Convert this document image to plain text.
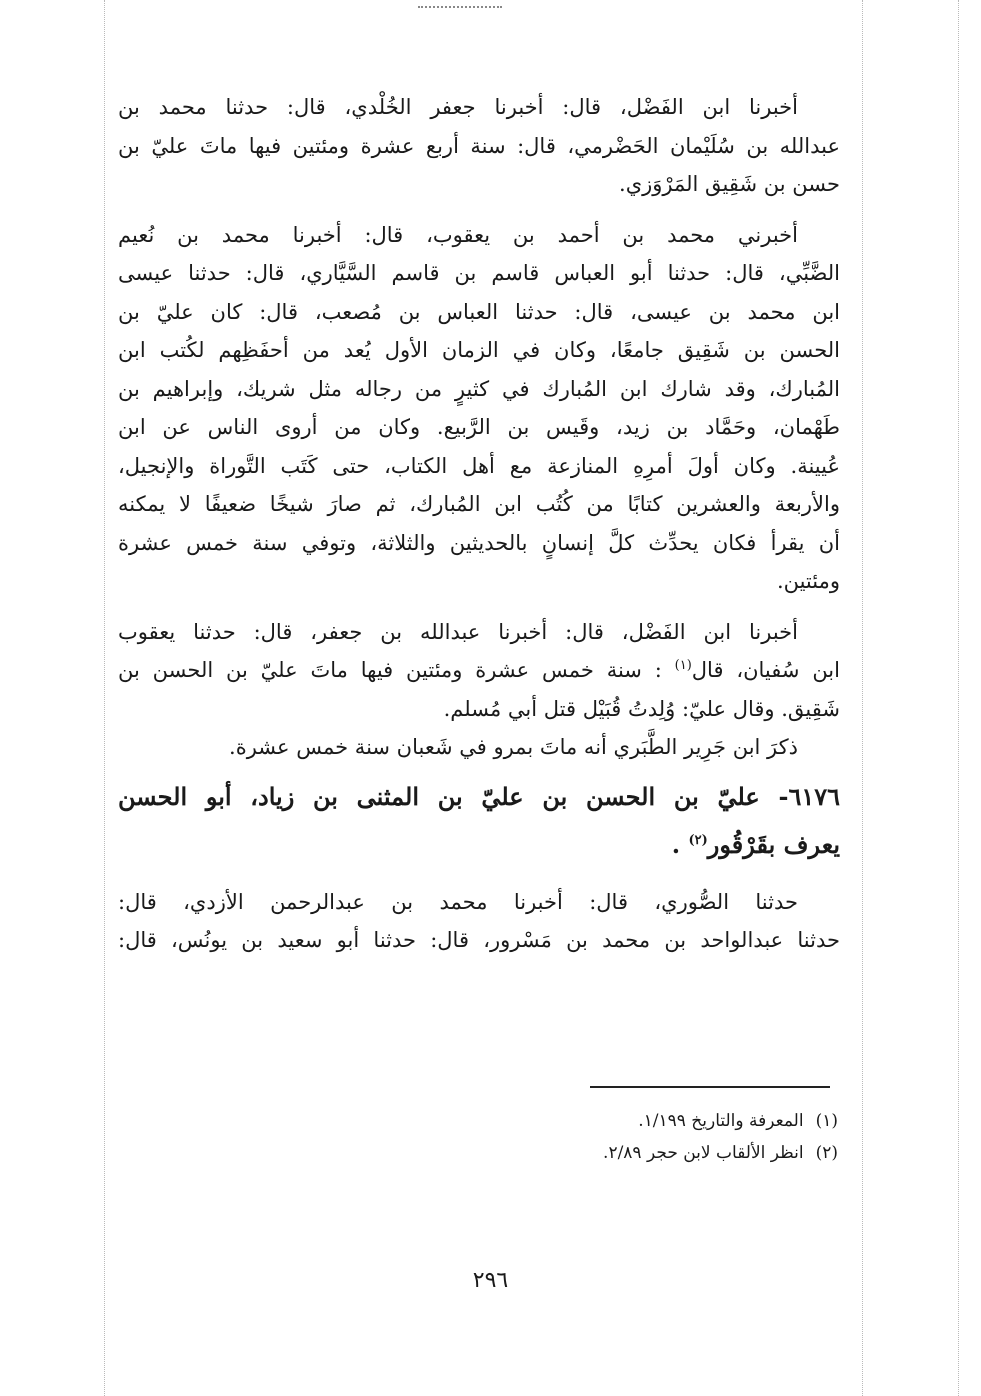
أخبرنا ابن الفَضْل، قال: أخبرنا جعفر الخُلْدي، قال: حدثنا محمد بن
عبدالله بن سُلَيْمان الحَضْرمي، قال: سنة أربع عشرة ومئتين فيها ماتَ عليّ بن
حسن بن شَقِيق المَرْوَزي.
أخبرني محمد بن أحمد بن يعقوب، قال: أخبرنا محمد بن نُعيم
الضَّبِّي، قال: حدثنا أبو العباس قاسم بن قاسم السَّيَّاري، قال: حدثنا عيسى
ابن محمد بن عيسى، قال: حدثنا العباس بن مُصعب، قال: كان عليّ بن
الحسن بن شَقِيق جامعًا، وكان في الزمان الأول يُعد من أحفَظِهم لكُتب ابن
المُبارك، وقد شارك ابن المُبارك في كثيرٍ من رجاله مثل شريك، وإبراهيم بن
طَهْمان، وحَمَّاد بن زيد، وقَيس بن الرَّبيع. وكان من أروى الناس عن ابن
عُيينة. وكان أولَ أمرِهِ المنازعة مع أهل الكتاب، حتى كَتَب التَّوراة والإنجيل،
والأربعة والعشرين كتابًا من كُتُب ابن المُبارك، ثم صارَ شيخًا ضعيفًا لا يمكنه
أن يقرأ فكان يحدِّث كلَّ إنسانٍ بالحديثين والثلاثة، وتوفي سنة خمس عشرة
ومئتين.
أخبرنا ابن الفَضْل، قال: أخبرنا عبدالله بن جعفر، قال: حدثنا يعقوب
ابن سُفيان، قال$^{(١)}$ : سنة خمس عشرة ومئتين فيها ماتَ عليّ بن الحسن بن
شَقِيق. وقال عليّ: وُلِدتُ قُبَيْل قتل أبي مُسلم.
ذكرَ ابن جَرِير الطَّبَري أنه ماتَ بمرو في شَعبان سنة خمس عشرة.
٦١٧٦- عليّ بن الحسن بن عليّ بن المثنى بن زياد، أبو الحسن
يعرف بقَرْقُور$^{(٢)}$ .
حدثنا الصُّوري، قال: أخبرنا محمد بن عبدالرحمن الأزدي، قال:
حدثنا عبدالواحد بن محمد بن مَسْرور، قال: حدثنا أبو سعيد بن يونُس، قال:
(١)المعرفة والتاريخ ١/١٩٩.
(٢)انظر الألقاب لابن حجر ٢/٨٩.
٢٩٦
